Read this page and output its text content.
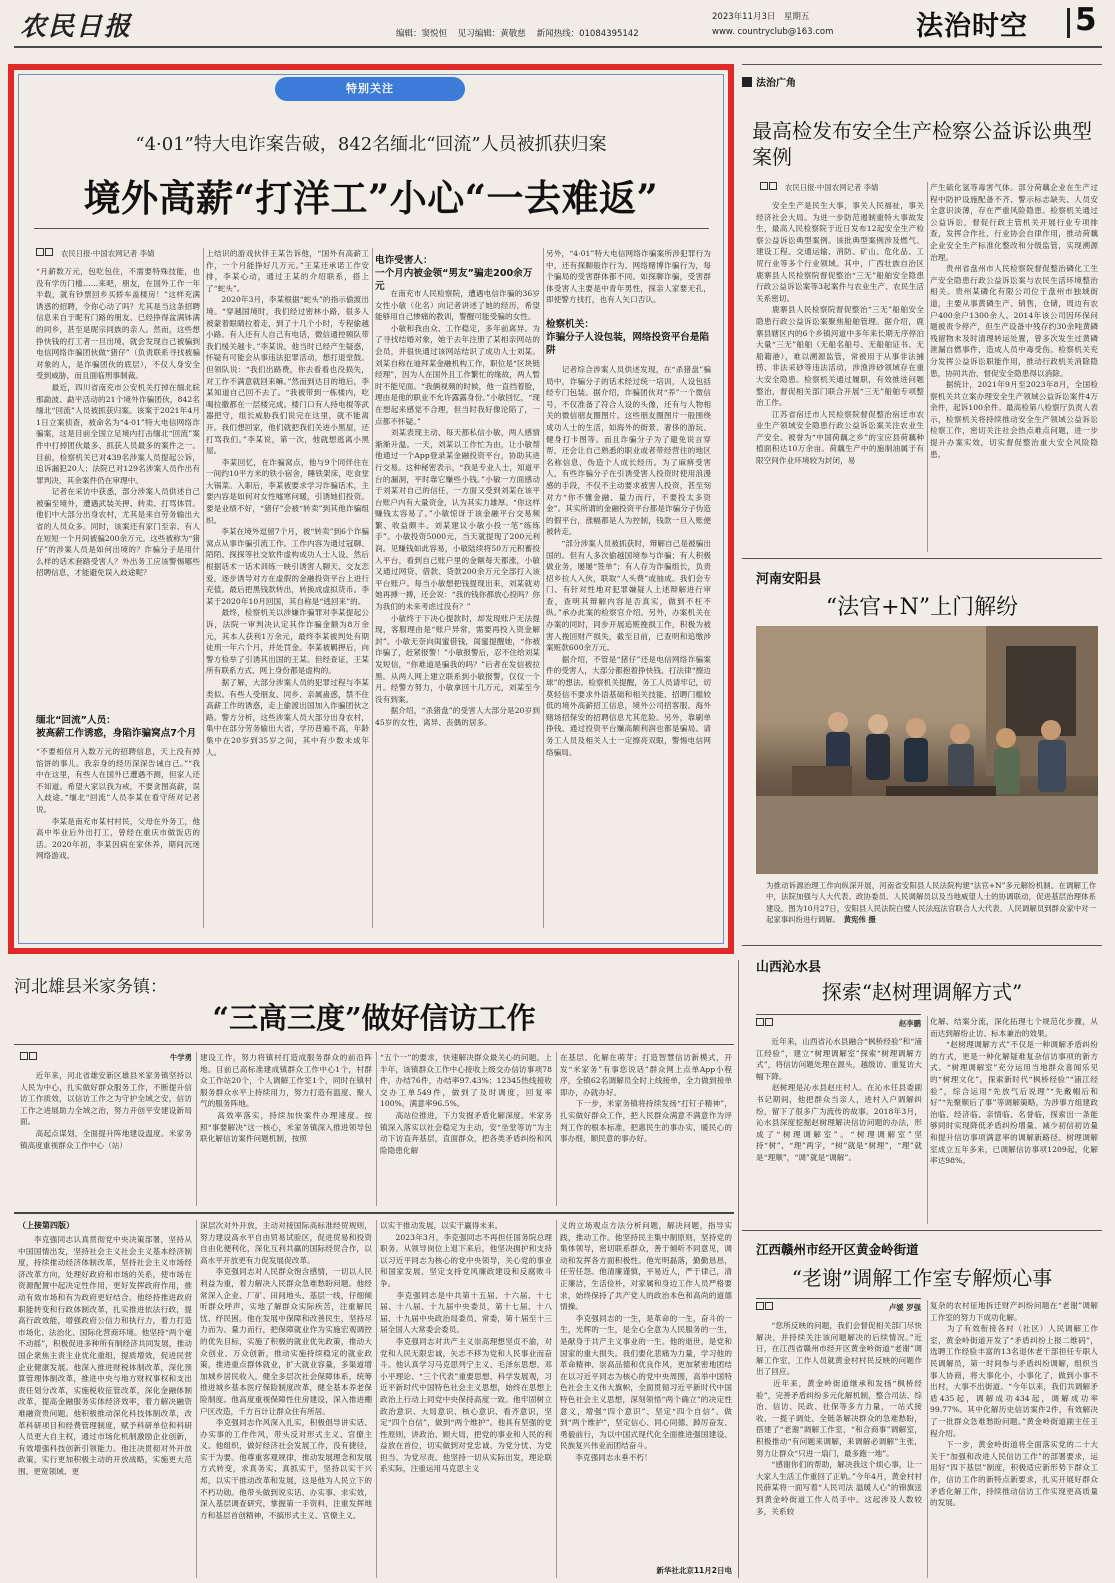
农民日报	2023年11月3日　 星期五
www. countryclub@163.com
编辑：窦悦恒    见习编辑：黄敬慈    新闻热线：01084395142	法治时空 5
特别关注
“4·01”特大电诈案告破，842名缅北“回流”人员被抓获归案
境外高薪“打洋工”小心“一去难返”
农民日报·中国农网记者 李婧
“月薪数万元，包吃包住，不需要特殊技能，也没有学历门槛……来吧，朋友，在国外工作一年半载，就有钞票回乡买轿车盖楼房！”这样充满诱惑的招聘，令你心动了吗？尤其是当这条招聘信息来自于昵有门路的朋友、已经挣得盆满钵满的同乡，甚至是昵宗同族的亲人。然而，这些想挣快钱的打工者一旦出境，就会发现自己被骗到电信网络诈骗团伙做“猪仔”（负责联系寻找被骗对象的人，是诈骗团伙的底层），不仅人身安全受到威胁，而且面临刑事制裁。
　　最近，四川省南充市公安机关打掉在缅北皖那勐波、勐平活动的21个境外诈骗团伙，842名缅北“回流”人员被抓获归案。该案于2021年4月1日立案侦查，被命名为“4·01”特大电信网络诈骗案，这是目前全国立足境内打击缅北“回流”案件中打掉团伙最多、抓获人员最多的案件之一。目前，检察机关已对439名涉案人员提起公诉，追诉漏犯20人；法院已对129名涉案人员作出有罪判决，其余案件仍在审理中。
　　记者在采访中获悉，部分涉案人员供述自己被骗至境外，遭遇武装关押、转卖、打骂体罚。他们中大部分出身农村，尤其是来自劳务输出大省的人员众多。同时，该案还有家门至亲、有人在短短一个月间被骗200余万元。这些被称为“猪仔”的涉案人员是如何出境的？诈骗分子是用什么样的话术套路受害人？外出务工应该警惕哪些招聘信息，才能避免误入歧途呢？
缅北“回流”人员：
被高薪工作诱惑，身陷诈骗窝点7个月
“不要相信月入数万元的招聘信息，天上没有掉馅饼的事儿。我亲身的经历深深告诫自己。”“我中在这里，有些人在国外已遭遇不测，但家人还不知道。希望大家以我为戒，不要贪图高薪，误入歧途。”缅北“回流”人员李某在看守所对记者说。
　　李某是南充市某村村民，父母在外务工，他高中毕业后外出打工，曾经在重庆市做饭店的活。2020年初，李某因病在家休养，期间沉迷网络游戏。
上结识的游戏伙伴王某告诉他，“国外有高薪工作，一个月能挣好几万元。”王某还承诺工作安排，李某心动，通过王某的介绍联系，搭上了“蛇头”。
　　2020年3月，李某根据“蛇头”的指示偷渡出境。“穿越国境时，我们经过密林小路，很多人被蒙着眼睛拉着走，到了十几个小时，专程偷越小路。有人还有人自己有电话，微信通控频队带我们缓关越卡。”李某说，他当时已经产生疑惑，怀疑有可能会从事违法犯罪活动，想打退堂鼓。但领队说：“我们出路费，你去看看也没损失，对工作不满意就回来嘛。”然而到达目的地后，李某知道自己回不去了。“我被带到一栋楼内，吃喝拉撒都在一层楼完成。楼门口有人持电棍等武器把守，组长威胁我们说完在这里，就不能离开。我们想回家，他们就把我们关进小黑屋，还打骂我们。”李某说，第一次，他就想逃离小黑屋。
　　李某回忆，在诈骗窝点，他与9个同伴住在一间约10平方米的铁小宿舍，睡铁架床，吃食堂大锅菜。入职后，李某被要求学习诈骗话术，主要内容是如何对女性嘘寒问暖，引诱她们投资。要是业绩不好，“猪仔”会被“转卖”到其他诈骗组织。
　　李某在境外逗留7个月，被“转卖”到6个诈骗窝点从事诈骗引流工作。工作内容为通过冠聊、陌陌、探探等社交软件虚构成功人士人设，然后根据话术一话术训练一映引诱害人聊天、交友恋爱，逐步诱导对方在虚假的金融投资平台上进行充值。最后把黑钱款转出，转换成虚拟货币。李某于2020年10月回国，其自称是“逃回来”的。
　　最终，检察机关以涉嫌诈骗罪对李某提起公诉，法院一审判决认定其作诈骗金额为8万余元，其本人获利1万余元，最终李某被判处有期徒刑一年六个月，并处罚金。李某被羁押后，向警方检举了引诱其出国的王某。但经查证，王某所有联系方式、网上身份都是虚构的。
　　据了解，大部分涉案人员的犯罪过程与李某类似。有些人受朋友、同乡、亲属蛊惑，禁不住高薪工作的诱惑，走上偷渡出国加入诈骗团伙之路。警方分析，这些涉案人员大部分出身农村，集中在部分劳务输出大省，学历普遍不高，年龄集中在20岁到35岁之间，其中有少数未成年人。
电诈受害人：
一个月内被金领“男友”骗走200余万元
　　在南充市人民检察院，遭遇电信诈骗的36岁女性小敏（化名）向记者讲述了她的经历，希望能够用自己惨痛的教训，警醒可能受骗的女性。
　　小敏和我由众、工作稳定，多年前离异。为了寻找结婚对象，她于去年注册了某相亲网站的会员，并很快通过该网站结识了成功人士刘某。刘某自称在迪拜某金融机构工作，职位是“区块链经理”，因为人在国外且工作繁忙的缘故，两人暂时不能见面。“我俩视频的时候，他一直挡着脸，理由是他的职业不允许露露身份。”小敏回忆，“现在想起来感觉不合理，但当时我好像沦陷了，一点都不怀疑。”
　　刘某表现主动、每天都私信小敏，两人感情渐渐升温。一天，刘某以工作忙为由，让小敏帮他通过一个App登录某金融投资平台，协助其进行交易。这种秘密表示，“我是专业人士，知道平台的漏洞，平时靠它赚些小钱。”小敏一方面感动于刘某对自己的信任，一方面又受到刘某在该平台账户内有大量资金，认为其实力雄厚。“你这样赚钱太容易了。”小敏惊讶于该金融平台交易频繁、收益颇丰。刘某建议小敏小投一笔“练练手”。小敏投资5000元，当天就提现了200元利润。见赚钱如此容易，小敏陆续将50万元积蓄投入平台，看到自己账户里的金额每天都涨，小敏又通过网贷、借款、贷款200余万元全部打入该平台账户。每当小敏想把钱提现出来，刘某就劝她再搏一搏，还会说：“我的钱你都放心投吗？你为我们的未来考虑过没有？”
　　小敏终于下决心提款时，却发现账户无法提现，客服理由是“账户异常，需要再投入资金解封”。小敏无奈向闺蜜借钱，闺蜜提醒她，“你被诈骗了，赶紧报警！”小敏报警后，忍不住给刘某发短信，“你难道是骗我的吗？”后者在发信被拉黑。从两人网上建立联系到小敏报警，仅仅一个月。经警方努力，小敏拿回十几万元，刘某至今没有到案。
　　据介绍，“杀猪盘”的受害人大部分是20岁到45岁的女性，离异、丧偶的居多。
另外，“4·01”特大电信网络诈骗案所涉犯罪行为中，还有探聊般诈行为、网络赌博诈骗行为，每个骗局的受害群体都不同。如探聊诈骗，受害群体受害人主要是中青年男性，探亲人家要无孔，即使警方找打，也有人矢口否认。
检察机关：
诈骗分子人设包装，网络投资平台是陷阱
　　记者综合涉案人员供述发现，在“杀猪盘”骗局中，诈骗分子的话术经过统一培训，人设包括经专门包装。据介绍，诈骗团伙对“养”一个微信号，不仅准备了符合人设的头像，还有与人物相关的微信朋友圈图片。这些朋友圈图片一般围绕成功人士的生活，如海外的街景、奢侈的游玩、健身打卡图等。而且诈骗分子为了避免说言穿帮，还会让自己熟悉的职业或者带经营住的地区名称信息，伪造个人成长经历。为了麻痹受害人，有些诈骗分子在引诱受害人投资时使用浪漫感的手段，不仅不主动要求被害人投资，甚至刻对方“你不懂金融、量力而行，不要投太多资金”。其实所谓的金融投资平台都是诈骗分子伪造的假平台，涨幅都是人为控制，钱款一旦入账便被转走。
　　“部分涉案人员被抓获时，辩解自己是被骗出国的。但有人多次偷越国境参与诈骗；有人积极做业务，屡屡“签单”；有人存为诈骗组长，负责招乡拉人入伙，联取“人头费”或抽成。我们会专门、有针对性地对犯罪嫌疑人上述辩解进行审查，查明其辩解内容是否真实，做到不枉不纵。”承办此案的检察官介绍。另外，办案机关在办案的同时，同步开展追赃挽损工作，积极为被害人挽回财产损失，截至目前，已查明和追缴涉案赃款600余万元。
　　据介绍，不管是“猪仔”还是电信网络诈骗案件的受害人，大部分都抱着挣快钱、打法律“擦边球”的想法。检察机关提醒，务工人员请牢记，切莫轻信不要求外语基础和相关技能、招聘门槛较低的境外高薪招工信息，境外公司招客服、海外赌场招保安的招聘信息尤其危险。另外，靠刷单挣钱、通过投资平台赚高额利润也都是骗局。请务工人员及相关人士一定擦亮双眼，警惕电信网络骗局。
法治广角
最高检发布安全生产检察公益诉讼典型案例
农民日报·中国农网记者 李婧
　　安全生产是民生大事，事关人民福祉，事关经济社会大局。为进一步防范遏制重特大事故发生，最高人民检察院于近日发布12起安全生产检察公益诉讼典型案例。该批典型案例涉及燃气、建设工程、交通运输、消防、矿山、危化品、工贸行业等多个行业领域。其中，广西壮族自治区鹿寨县人民检察院督促整治“三无”船舶安全隐患行政公益诉讼案等3起案件与农业生产、农民生活关系密切。
　　鹿寨县人民检察院督促整治“三无”船舶安全隐患行政公益诉讼案聚焦船舶管理。据介绍，鹿寨县辖区内的6个乡镇河道中多年来长期无序停泊大量“三无”船舶（无船名船号、无船舶证书、无船籍港），难以溯源监管，常被用于从事非法捕捞、非法采砂等违法活动，涉渔涉砂领域存在重大安全隐患。检察机关通过履职，有效推进问题整治，督促相关部门联合开展“三无”船舶专项整治工作。
　　江苏省宿迁市人民检察院督促整治宿迁市农业生产领域安全隐患行政公益诉讼案关注农业生产安全。被誉为“中国荷藕之乡”的宝应县荷藕种植面积达10万余亩。荷藕生产中的施制油属于有限空间作业环境较为封闭，易
产生硫化氢等毒害气体。部分荷藕企业在生产过程中防护设施配备不齐、警示标志缺失、人员安全意识淡薄，存在严重风险隐患。检察机关通过公益诉讼，督促行政主管机关开展行业专项排查，发挥合作社、行业协会自律作用，推动荷藕企业安全生产标准化整改和分级监管，实现溯源治理。
　　贵州省盘州市人民检察院督促整治磷化工生产安全隐患行政公益诉讼案与农民生活环境整治相关。贵州某磷化有限公司位于盘州市独域街道，主要从事黄磷生产、销售，仓储，周边有农户400余户1300余人。2014年该公司因环保问题被责令停产，但生产设备中残存约30余吨黄磷残留物未及时清理转运处置，曾多次发生过黄磷泄漏自燃事件，造成人员中毒受伤。检察机关充分发挥公益诉讼职能作用，推动行政机关消除隐患，协同共治，督促安全隐患得以消除。
　　据统计，2021年9月至2023年8月，全国检察机关共立案办理安全生产领域公益诉讼案件4万余件，起诉100余件。最高检第八检察厅负责人表示，检察机关将持续推动安全生产领域公益诉讼检察工作，密切关注社会热点难点问题，进一步提升办案实效，切实督促整治重大安全风险隐患。
河南安阳县
“法官+N”上门解纷
为推动诉源治理工作向纵深开展，河南省安阳县人民法院构建“法官+N”多元解纷机制。在调解工作中，法院加强与人大代表、政协委员、人民调解员以及当地威望人士的协调联动，促进基层治理体系建设。图为10月27日，安阳县人民法院白璧人民法庭法官联合人大代表、人民调解员到群众家中对一起家事纠纷进行调解。　 黄宪伟 摄
山西沁水县
探索“赵树理调解方式”
赵李鹏
　　近年来，山西省沁水县融合“枫桥经验”和“浦江经验”，建立“树理调解室”探索“树理调解方式”，将信访问题处理在源头，越级访、重复访大幅下降。
　　赵树理是沁水县赵庄村人。在沁水任县委副书记期间，他把群众当亲人，进村入户调解纠纷，留下了很多广为流传的故事。2018年3月，沁水县深度挖掘赵树理解决信访问题的办法，形成了“树理调解室”。“树理调解室”坚持“树”、“理”两字，“树”就是“树理”，“理”就是“理顺”，“调”就是“调解”。
化解、结案分流，深化拓理七个规范化步骤，从而达到解纷止访、标本兼治的效果。
　　“赵树理调解方式”不仅是一种调解矛盾纠纷的方式，更是一种化解疑难复杂信访事项的新方式。“树理调解室”充分运用当地群众喜闻乐见的“树理文化”，探索新时代“枫桥经验”“浦江经验”，综合运用“先放气后说理”“先戴帽后和好”“先聚顺后了事”等调解策略，为涉事方组建政治临、经济临、亲情临、名誉临，探索出一条能够同时实现降低矛盾纠纷增量、减少初信初访量和提升信访事项满意率的调解新路径。树理调解室成立五年多来，已调解信访事项1209起，化解率达98%。
江西赣州市经开区黄金岭街道
“老谢”调解工作室专解烦心事
卢媛 罗强
　　“您所反映的问题，我们会督促相关部门尽快解决，并持续关注该问题解决的后续情况。”近日，在江西省赣州市经开区黄金岭街道“老谢”调解工作室，工作人员就黄金村村民反映的问题作出了回应。
　　近年来，黄金岭街道继承和发扬“枫桥经验”，完善矛盾纠纷多元化解机制，整合司法、综治、信访、民政、社保等多方力量，一站式接收、一揽子调处、全链条解决群众的急难愁盼，搭建了“老谢”调解工作室，“和合商事”调解室，积极推动“有问题来调解，来调解必调解”主张，努力让群众“只进一扇门，最多跑一地”。
　　“感谢你们的帮助，解决我这个烦心事，让一大家人生活工作重回了正轨。”今年4月，黄金村村民薛某将一面写着“人民司法 温暖人心”的锦旗送到黄金岭街道工作人员手中。这起涉及人数较多，关系较
复杂的农村征地拆迁财产纠纷问题在“老谢”调解工作室的努力下成功化解。
　　为了有效衔接各村（社区）人民调解工作室，黄金岭街道开发了“矛盾纠纷上报二维码”，选聘工作经验丰富的13名退休老干部担任专职人民调解员，第一时间参与矛盾纠纷调解，组织当事人协商，将大事化小，小事化了，做到小事不出村，大事不出街道。“今年以来，我们共调解矛盾435起，调解成功434起，调解成功率99.77%。其中化解历史信访案件2件，有效解决了一批群众急难愁盼问题。”黄金岭街道副主任王程介绍。
　　下一步，黄金岭街道将全面落实党的二十大关于“加强和改进人民信访工作”的部署要求，运用好“四下基层”制度，积极适应新形势下群众工作，信访工作的新特点新要求，扎实开展好群众矛盾化解工作，持续推动信访工作实现更高质量的发展。
河北雄县米家务镇：
“三高三度”做好信访工作
牛学勇
　　近年来，河北省雄安新区雄县米家务镇坚持以人民为中心，扎实做好群众服务工作，不断提升信访工作质效，以信访工作之为守护全域之安，信访工作之进展助力全域之治，努力开创平安建设新局面。
　　高起点谋划，全面提升阵地建设温度。米家务镇高度重视群众工作中心（站）
建设工作，努力将镇村打造成服务群众的前沿阵地。目前已高标准建成镇群众工作中心1个，村群众工作站20个，个人调解工作室1个，同时在镇村服务群众水平上持续用力，努力打造有温度、聚人气的服务阵地。
　　高效率落实，持续加快案件办理速度。按照“事要解决”这一核心，米家务镇深入推进领导包联化解信访案件问题机制，按照
“五个一”的要求，快速解决群众最关心的问题。上半年，该镇群众工作中心接收上级交办信访事项78件，办结76件，办结率97.43%；12345热线接收交办工单549件，做到了及时调度，回复率100%，满意率96.5%。
　　高站位推进，下力发掘矛盾化解深度。米家务镇深入落实以社会稳定为主动，安“坐堂等访”为主动下访直奔基层，直面群众，把各类矛盾纠纷和风险隐患化解
在基层、化解在萌芽；打造智慧信访新模式，开发“米家务”有事您说话”群众网上点单App小程序，全镇62名调解员全时上线接单，全力做到接单即办，办就办好。
　　下一步，米家务镇将持续发扬“打钉子精神”，扎实做好群众工作，把人民群众满意不满意作为评判工作的根本标准，把惠民生的事办实，暖民心的事办细，顺民意的事办好。
（上接第四版）
　　李克强同志认真贯彻党中央决策部署，坚持从中国国情出发，坚持社会主义社会主义基本经济制度，持续推动经济体制改革，坚持社会主义市场经济改革方向，处理好政府和市场的关系，使市场在资源配置中起决定性作用，更好发挥政府作用，推动有效市场和有为政府更好结合。他经持推进政府职能转变和行政体制改革，扎实推进依法行政，提高行政效能，增强政府公信力和执行力，着力打造市场化、法治化、国际化营商环境。他坚持“两个毫不动摇”，积极促进多种所有制经济共同发展，推动国企衆焦主责主业优化重组，提质增效，促进民营企业健康发展。他深入推进财税体制改革，深化预算管理体制改革，推进中央与地方财权事权和支出责任划分改革，实施税收征管改革，深化金融体制改革，提高金融服务实体经济效率，着力解决融资难融资贵问题。他积极推动深化科技体制改革，改革科研项目和经费管理制度，赋予科研单位和科研人员更大自主权，通过市场化机制激励企业创新，有效增强科技创新引领能力。他注决贯彻对外开放政策，实行更加积极主动的开放战略，实施更大范围、更宽领域、更
深层次对外开放，主动对接国际高标准经贸规则，努力建设高水平自由贸易试验区，促进贸易和投资自由化便利化，深化互利共赢的国际经贸合作，以高水平开放更有力促发展促改革。
　　李克强同志对人民群众饱含感情，一切以人民利益为重，着力解决人民群众急难愁盼问题。他经常深入企业、厂矿、田间地头、基层一线，仔细倾听群众呼声，实地了解群众实际疾苦，注重解民忧、纾民困。他在发展中保障和改善民生，坚持尽力而为、量力而行，把保障就业作为实施宏观调控的优先目标，实施了积极的就业优先政策，推动大众创业、万众创新，推动实施持续稳定的就业政策，推进重点群体就业，扩大就业容量，多渠道增加城乡居民收入，健全多层次社会保障体系，统筹推进城乡基本医疗保险制度改革，健全基本养老保险制度。他高度重视保障性住房建设，深入推进棚户区改造，千方百计让群众住有所居。
　　李克强同志作风深入扎实，积极倡导讲实话、办实事的工作作风，带头反对形式主义、官僚主义。他组织，做好经济社会发展工作，没有捷径，实干为要。他尊重客观规律，推动发展理念和发展方式转变，求真务实、真抓实干，坚持以实干兴邦，以实干推动改革和发展，这是他为人民立下的不朽功勋。他带头做到说实话、办实事、求实效，深入基层调查研究，掌握第一手资料，注重发挥地方和基层首创精神，不搞形式主义、官僚主义。
以实干推动发展，以实干赢得未来。
　　2023年3月，李克强同志不再担任国务院总理职务。从领导岗位上退下来后，他坚决拥护和支持以习近平同志为核心的党中央领导，关心党的事业和国家发展，坚定支持党风廉政建设和反腐败斗争。
　　李克强同志是中共第十五届、十六届、十七届、十八届、十九届中央委员，第十七届、十八届、十九届中央政治局委员、常委，第十届至十三届全国人大常委会委员。
　　李克强同志对共产主义崇高理想坚贞不渝，对党和人民无限忠诚，矢志不移为党和人民事业而奋斗。他认真学习马克思列宁主义、毛泽东思想、邓小平理论、“三个代表”重要思想、科学发展观，习近平新时代中国特色社会主义思想，始终在思想上政治上行动上同党中央保持高度一致。他牢固树立政治意识、大局意识、核心意识、看齐意识，坚定“四个自信”，做到“两个维护”。他具有坚强的党性原则，讲政治、顾大局，把党的事业和人民的利益放在首位，切实做到对党忠诚、为党分忧、为党担当、为党尽责。他坚持一切从实际出发，理论联系实际，注重运用马克思主义
义的立场观点方法分析问题，解决问题，指导实践，推动工作。他坚持民主集中制原则，坚持党的集体领导，密切联系群众，善于倾听不同意见，调动和发挥各方面积极性。他光明磊落，勤勤恳恳，任劳任怨。他清廉谨慎，平易近人，严于律己，清正廉洁，生活俭朴，对家属和身边工作人员严格要求，始终保持了共产党人的政治本色和高尚的道德情操。
　　李克强同志的一生，是革命的一生，奋斗的一生，光辉的一生，是全心全意为人民服务的一生，是献身于共产主义事业的一生。他的逝世，是党和国家的重大损失。我们要化悲痛为力量，学习他的革命精神、崇高品德和优良作风，更加紧密地团结在以习近平同志为核心的党中央周围，高举中国特色社会主义伟大旗帜，全面贯彻习近平新时代中国特色社会主义思想，深刻领悟“两个确立”的决定性意义，增强“四个意识”、坚定“四个自信”、做到“两个维护”，坚定信心、同心同德、踔厉奋发、勇毅前行，为以中国式现代化全面推进强国建设、民族复兴伟业而团结奋斗。
　　李克强同志永垂不朽！
新华社北京11月2日电
